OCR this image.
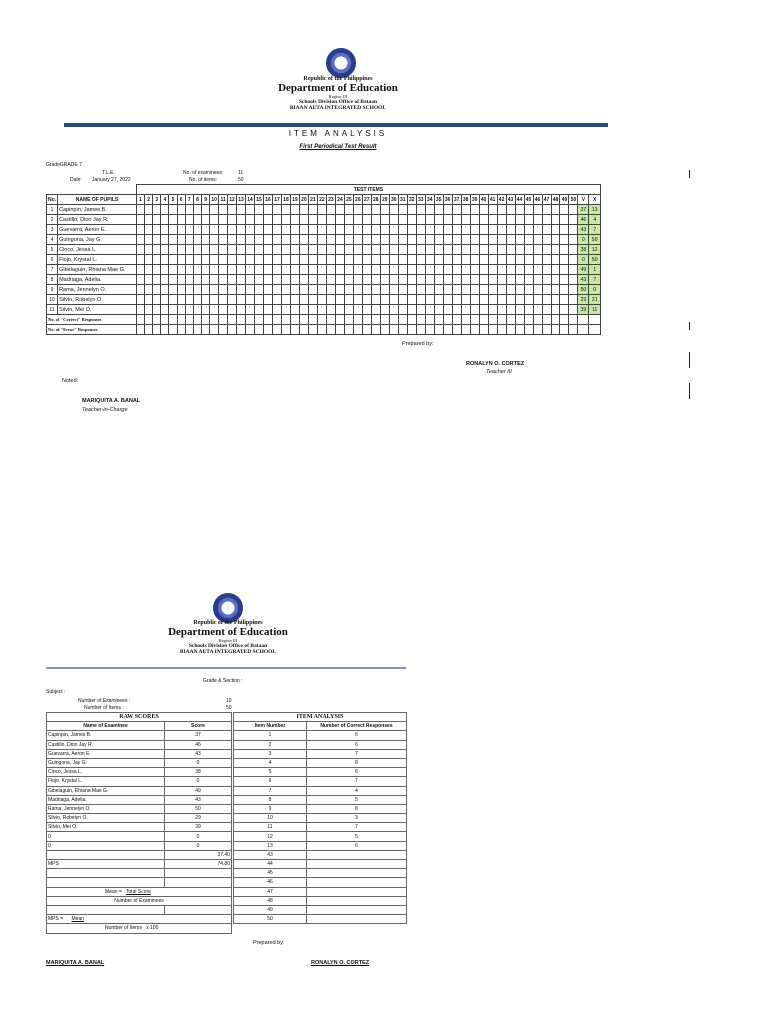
Republic of the Philippines
Department of Education
Region III
Schools Division Office of Bataan
BIAAN AETA INTEGRATED SCHOOL
ITEM ANALYSIS
First Periodical Test Result
GradeGRADE 7
T.L.E.
Date: January 27, 2022
No. of examinees:	11
No. of items:	50
		TEST ITEMS																																																			
No.	NAME OF PUPILS	1	2	3	4	5	6	7	8	9	10	11	12	13	14	15	16	17	18	19	20	21	22	23	24	25	26	27	28	29	30	31	32	33	34	35	36	37	38	39	40	41	42	43	44	45	46	47	48	49	50	V	X
1	Capinpin, James B.																																																			37	13
2	Castillo, Dion Jay R.																																																			46	4
3	Guevarra, Aeron E.																																																			43	7
4	Guingona, Jay G.																																																			0	50
5	Cinco, Jessa L.																																																			38	12
6	Flojo, Krystal L.																																																			0	50
7	Gibelaguin, Rhiana Mae G.																																																			49	1
8	Madriaga, Adelia.																																																			43	7
9	Rama, Jennelyn O.																																																			50	0
10	Silvio, Robelyn O.																																																			29	21
11	Silvio, Mei O.																																																			39	11
No. of "Correct" Responses																																																					
No. of "Error" Responses																																																					
Prepared by:
RONALYN O. CORTEZ
Teacher III
Noted:
MARIQUITA A. BANAL
Teacher-in-Charge
Republic of the Philippines
Department of Education
Region III
Schools Division Office of Bataan
BIAAN AETA INTEGRATED SCHOOL
Grade & Section :
Subject :
Number of Examinees :	10
Number of Items :	50
RAW SCORES	
Name of Examinee	Score
Capinpin, James B.	37
Castillo, Dion Jay R.	46
Guevarra, Aeron E.	43
Guingona, Jay G.	0
Cinco, Jessa L.	38
Flojo, Krystal L.	0
Gibelaguin, Rhiana Mae G.	49
Madriaga, Adelia.	43
Rama, Jennelyn O.	50
Silvio, Robelyn O.	29
Silvio, Mei O.	39
0	0
0	0
	37.40
MPS	74.80

Mean = Total Score	
Number of Examinees	

MPS = Mean	
Number of Items x 100	
ITEM ANALYSIS	
Item Number	Number of Correct Responses
1	6
2	6
3	7
4	8
5	6
6	7
7	4
8	5
9	8
10	3
11	7
12	5
13	6
43	
44	
45	
46	
47	
48	
49	
50	
Prepared by:
MARIQUITA A. BANAL	RONALYN O. CORTEZ
